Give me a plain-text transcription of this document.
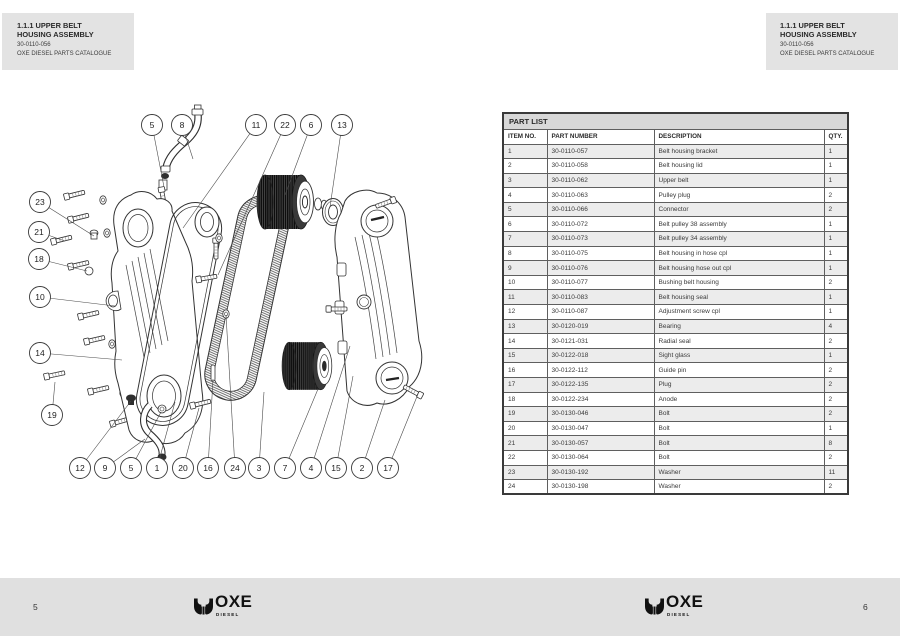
1.1.1 UPPER BELT
HOUSING ASSEMBLY
30-0110-056
OXE DIESEL PARTS CATALOGUE
1.1.1 UPPER BELT
HOUSING ASSEMBLY
30-0110-056
OXE DIESEL PARTS CATALOGUE
5	8	11 22 6	13
23
21
18
10
14
19
12 9	5	1 20 16 24 3	7	4 15 2 17
PART LIST			
ITEM NO.	PART NUMBER	DESCRIPTION	QTY.
1	30-0110-057	Belt housing bracket	1
2	30-0110-058	Belt housing lid	1
3	30-0110-062	Upper belt	1
4	30-0110-063	Pulley plug	2
5	30-0110-066	Connector	2
6	30-0110-072	Belt pulley 38 assembly	1
7	30-0110-073	Belt pulley 34 assembly	1
8	30-0110-075	Belt housing in hose cpl	1
9	30-0110-076	Belt housing hose out cpl	1
10	30-0110-077	Bushing belt housing	2
11	30-0110-083	Belt housing seal	1
12	30-0110-087	Adjustment screw cpl	1
13	30-0120-019	Bearing	4
14	30-0121-031	Radial seal	2
15	30-0122-018	Sight glass	1
16	30-0122-112	Guide pin	2
17	30-0122-135	Plug	2
18	30-0122-234	Anode	2
19	30-0130-046	Bolt	2
20	30-0130-047	Bolt	1
21	30-0130-057	Bolt	8
22	30-0130-064	Bolt	2
23	30-0130-192	Washer	11
24	30-0130-198	Washer	2
5	6
OXE
DIESEL
OXE
DIESEL
